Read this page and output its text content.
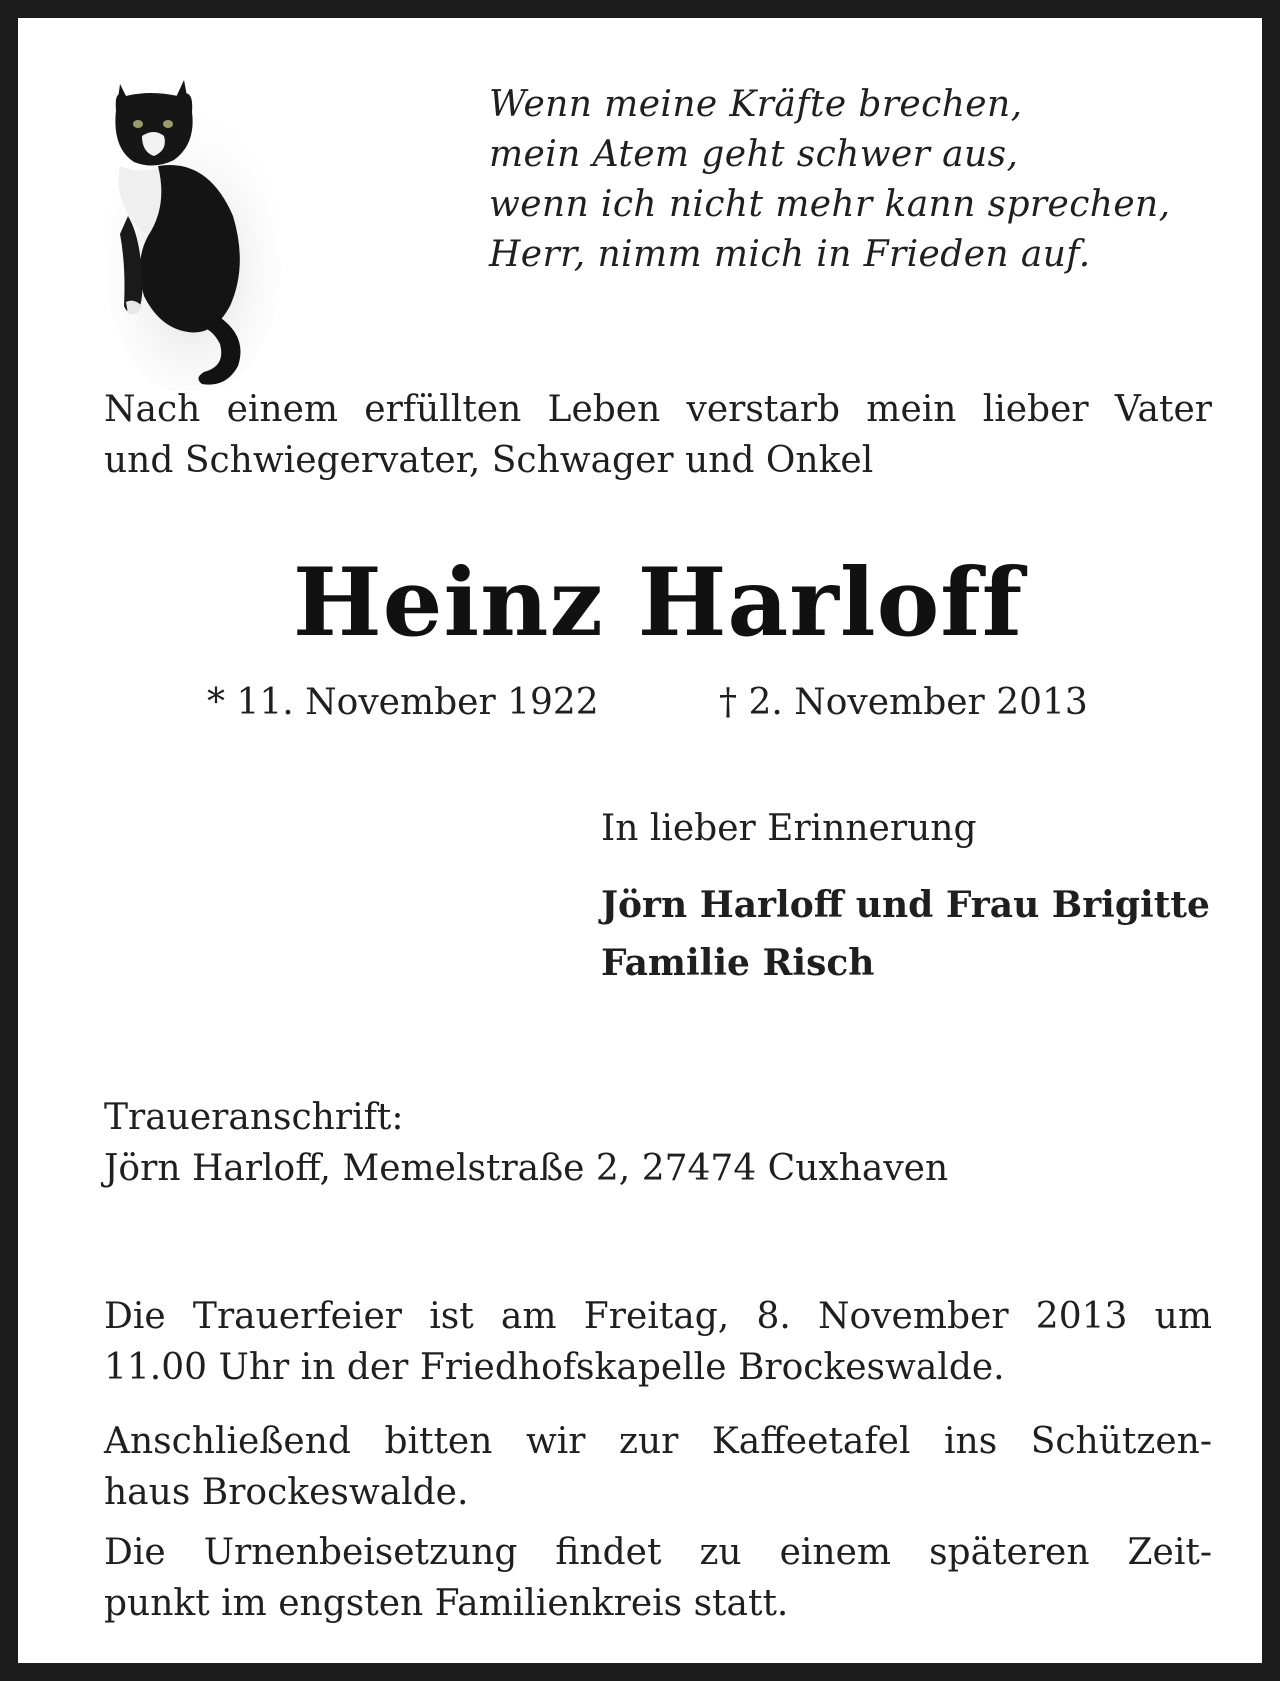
Wenn meine Kräfte brechen,
mein Atem geht schwer aus,
wenn ich nicht mehr kann sprechen,
Herr, nimm mich in Frieden auf.
Nach einem erfüllten Leben verstarb mein lieber Vater
und Schwiegervater, Schwager und Onkel
Heinz Harloff
* 11. November 1922	† 2. November 2013
In lieber Erinnerung
Jörn Harloff und Frau Brigitte
Familie Risch
Traueranschrift:
Jörn Harloff, Memelstraße 2, 27474 Cuxhaven
Die Trauerfeier ist am Freitag, 8. November 2013 um
11.00 Uhr in der Friedhofskapelle Brockeswalde.
Anschließend bitten wir zur Kaffeetafel ins Schützen-
haus Brockeswalde.
Die Urnenbeisetzung findet zu einem späteren Zeit-
punkt im engsten Familienkreis statt.
